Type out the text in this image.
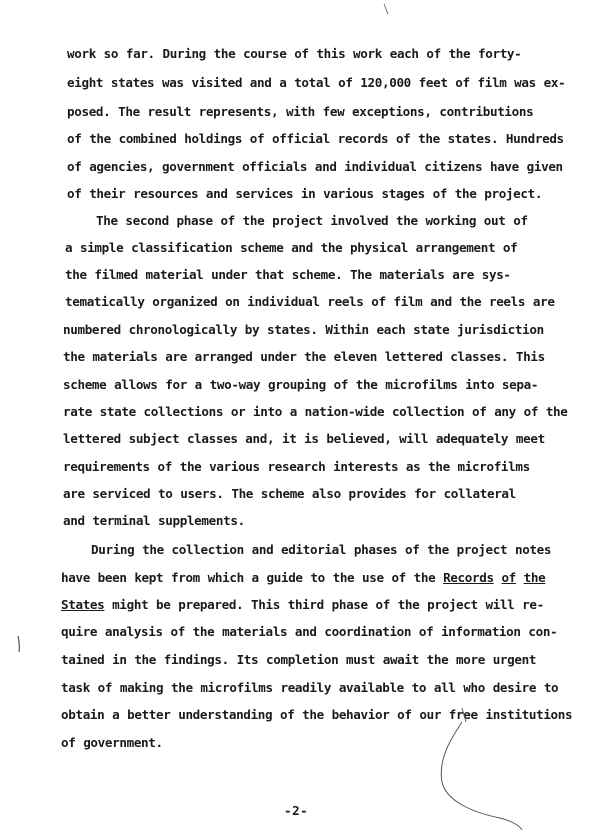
work so far. During the course of this work each of the forty-
eight states was visited and a total of 120,000 feet of film was ex-
posed. The result represents, with few exceptions, contributions
of the combined holdings of official records of the states. Hundreds
of agencies, government officials and individual citizens have given
of their resources and services in various stages of the project.
The second phase of the project involved the working out of
a simple classification scheme and the physical arrangement of
the filmed material under that scheme. The materials are sys-
tematically organized on individual reels of film and the reels are
numbered chronologically by states. Within each state jurisdiction
the materials are arranged under the eleven lettered classes. This
scheme allows for a two-way grouping of the microfilms into sepa-
rate state collections or into a nation-wide collection of any of the
lettered subject classes and, it is believed, will adequately meet
requirements of the various research interests as the microfilms
are serviced to users. The scheme also provides for collateral
and terminal supplements.
During the collection and editorial phases of the project notes
have been kept from which a guide to the use of the Records of the
States might be prepared. This third phase of the project will re-
quire analysis of the materials and coordination of information con-
tained in the findings. Its completion must await the more urgent
task of making the microfilms readily available to all who desire to
obtain a better understanding of the behavior of our free institutions
of government.
-2-
